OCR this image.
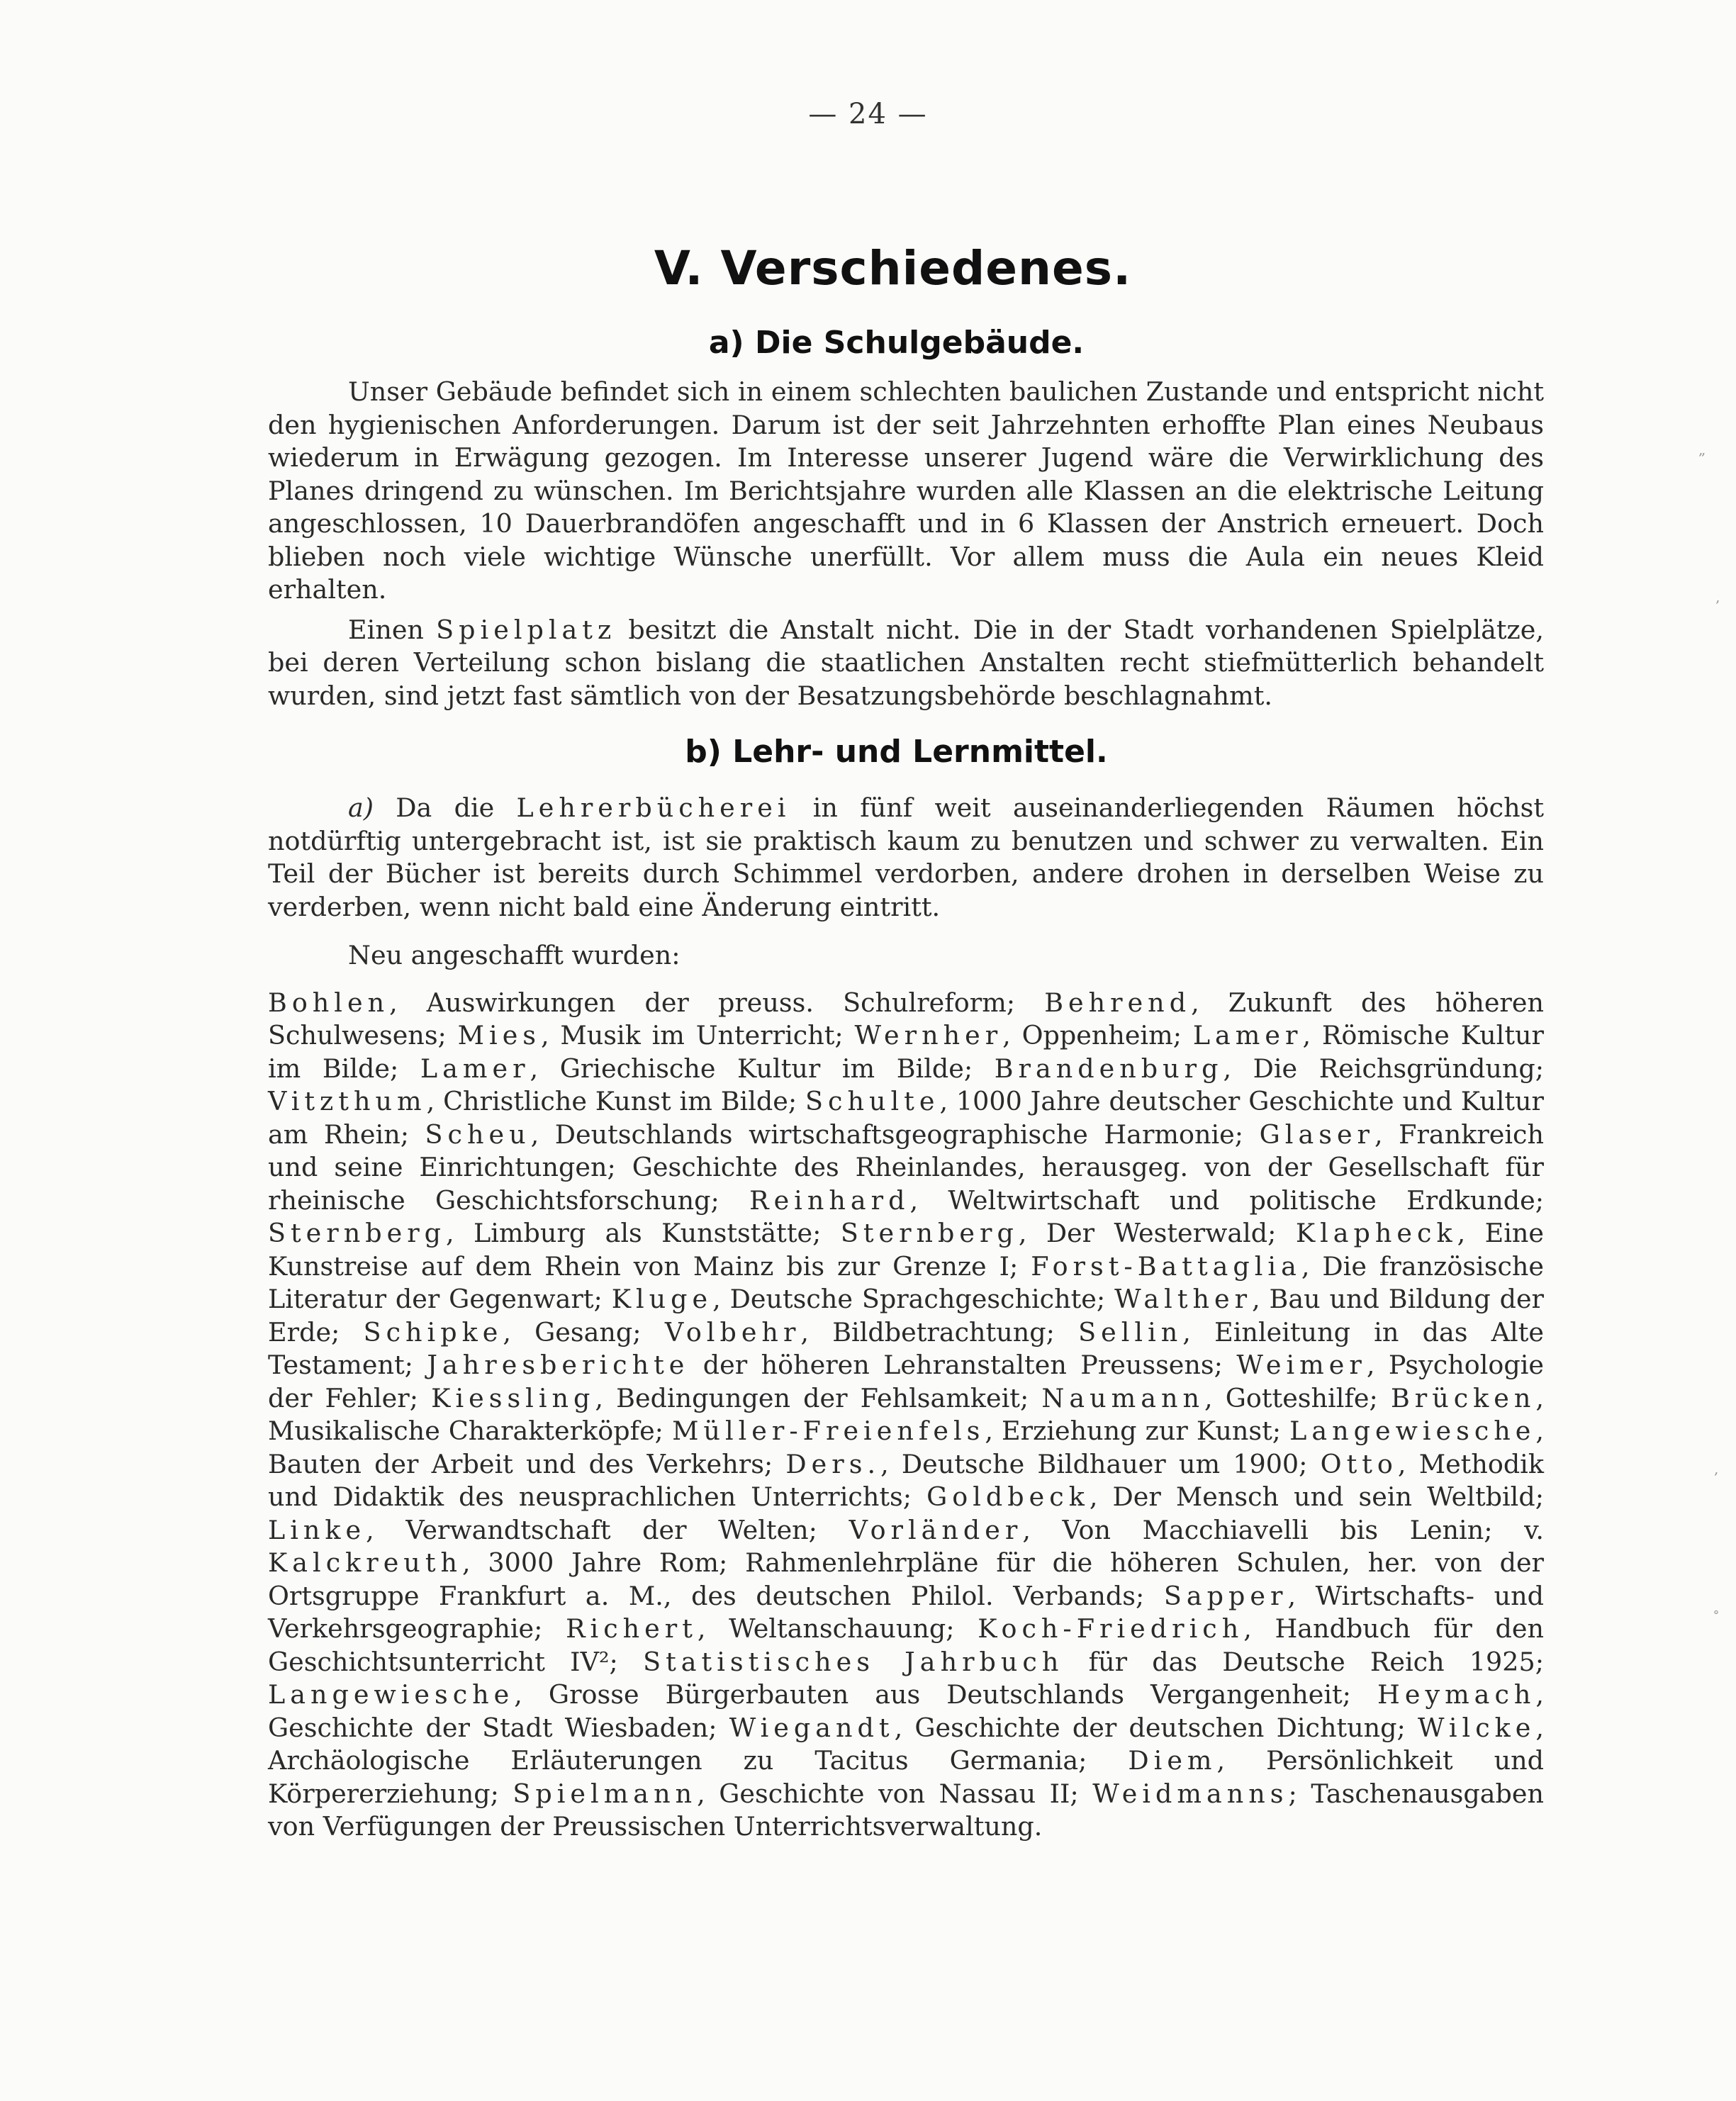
— 24 —
V. Verschiedenes.
a) Die Schulgebäude.

Unser Gebäude befindet sich in einem schlechten baulichen Zustande und entspricht nicht den hygienischen Anforderungen. Darum ist der seit Jahrzehnten erhoffte Plan eines Neubaus wiederum in Erwägung gezogen. Im Interesse unserer Jugend wäre die Verwirklichung des Planes dringend zu wünschen. Im Berichtsjahre wurden alle Klassen an die elektrische Leitung angeschlossen, 10 Dauerbrandöfen angeschafft und in 6 Klassen der Anstrich erneuert. Doch blieben noch viele wichtige Wünsche unerfüllt. Vor allem muss die Aula ein neues Kleid erhalten.

Einen Spielplatz besitzt die Anstalt nicht. Die in der Stadt vorhandenen Spielplätze, bei deren Verteilung schon bislang die staatlichen Anstalten recht stiefmütterlich behandelt wurden, sind jetzt fast sämtlich von der Besatzungsbehörde beschlagnahmt.

b) Lehr- und Lernmittel.

a) Da die Lehrerbücherei in fünf weit auseinanderliegenden Räumen höchst notdürftig untergebracht ist, ist sie praktisch kaum zu benutzen und schwer zu verwalten. Ein Teil der Bücher ist bereits durch Schimmel verdorben, andere drohen in derselben Weise zu verderben, wenn nicht bald eine Änderung eintritt.

Neu angeschafft wurden:

Bohlen, Auswirkungen der preuss. Schulreform; Behrend, Zukunft des höheren Schulwesens; Mies, Musik im Unterricht; Wernher, Oppenheim; Lamer, Römische Kultur im Bilde; Lamer, Griechische Kultur im Bilde; Brandenburg, Die Reichsgründung; Vitzthum, Christliche Kunst im Bilde; Schulte, 1000 Jahre deutscher Geschichte und Kultur am Rhein; Scheu, Deutschlands wirtschaftsgeographische Harmonie; Glaser, Frankreich und seine Einrichtungen; Geschichte des Rheinlandes, herausgeg. von der Gesellschaft für rheinische Geschichtsforschung; Reinhard, Weltwirtschaft und politische Erdkunde; Sternberg, Limburg als Kunststätte; Sternberg, Der Westerwald; Klapheck, Eine Kunstreise auf dem Rhein von Mainz bis zur Grenze I; Forst-Battaglia, Die französische Literatur der Gegenwart; Kluge, Deutsche Sprachgeschichte; Walther, Bau und Bildung der Erde; Schipke, Gesang; Volbehr, Bildbetrachtung; Sellin, Einleitung in das Alte Testament; Jahresberichte der höheren Lehranstalten Preussens; Weimer, Psychologie der Fehler; Kiessling, Bedingungen der Fehlsamkeit; Naumann, Gotteshilfe; Brücken, Musikalische Charakterköpfe; Müller-Freienfels, Erziehung zur Kunst; Langewiesche, Bauten der Arbeit und des Verkehrs; Ders., Deutsche Bildhauer um 1900; Otto, Methodik und Didaktik des neusprachlichen Unterrichts; Goldbeck, Der Mensch und sein Weltbild; Linke, Verwandtschaft der Welten; Vorländer, Von Macchiavelli bis Lenin; v. Kalckreuth, 3000 Jahre Rom; Rahmenlehrpläne für die höheren Schulen, her. von der Ortsgruppe Frankfurt a. M., des deutschen Philol. Verbands; Sapper, Wirtschafts- und Verkehrsgeographie; Richert, Weltanschauung; Koch-Friedrich, Handbuch für den Geschichtsunterricht IV²; Statistisches Jahrbuch für das Deutsche Reich 1925; Langewiesche, Grosse Bürgerbauten aus Deutschlands Vergangenheit; Heymach, Geschichte der Stadt Wiesbaden; Wiegandt, Geschichte der deutschen Dichtung; Wilcke, Archäologische Erläuterungen zu Tacitus Germania; Diem, Persönlichkeit und Körpererziehung; Spielmann, Geschichte von Nassau II; Weidmanns; Taschenausgaben von Verfügungen der Preussischen Unterrichtsverwaltung.

„
‚
,
˚
